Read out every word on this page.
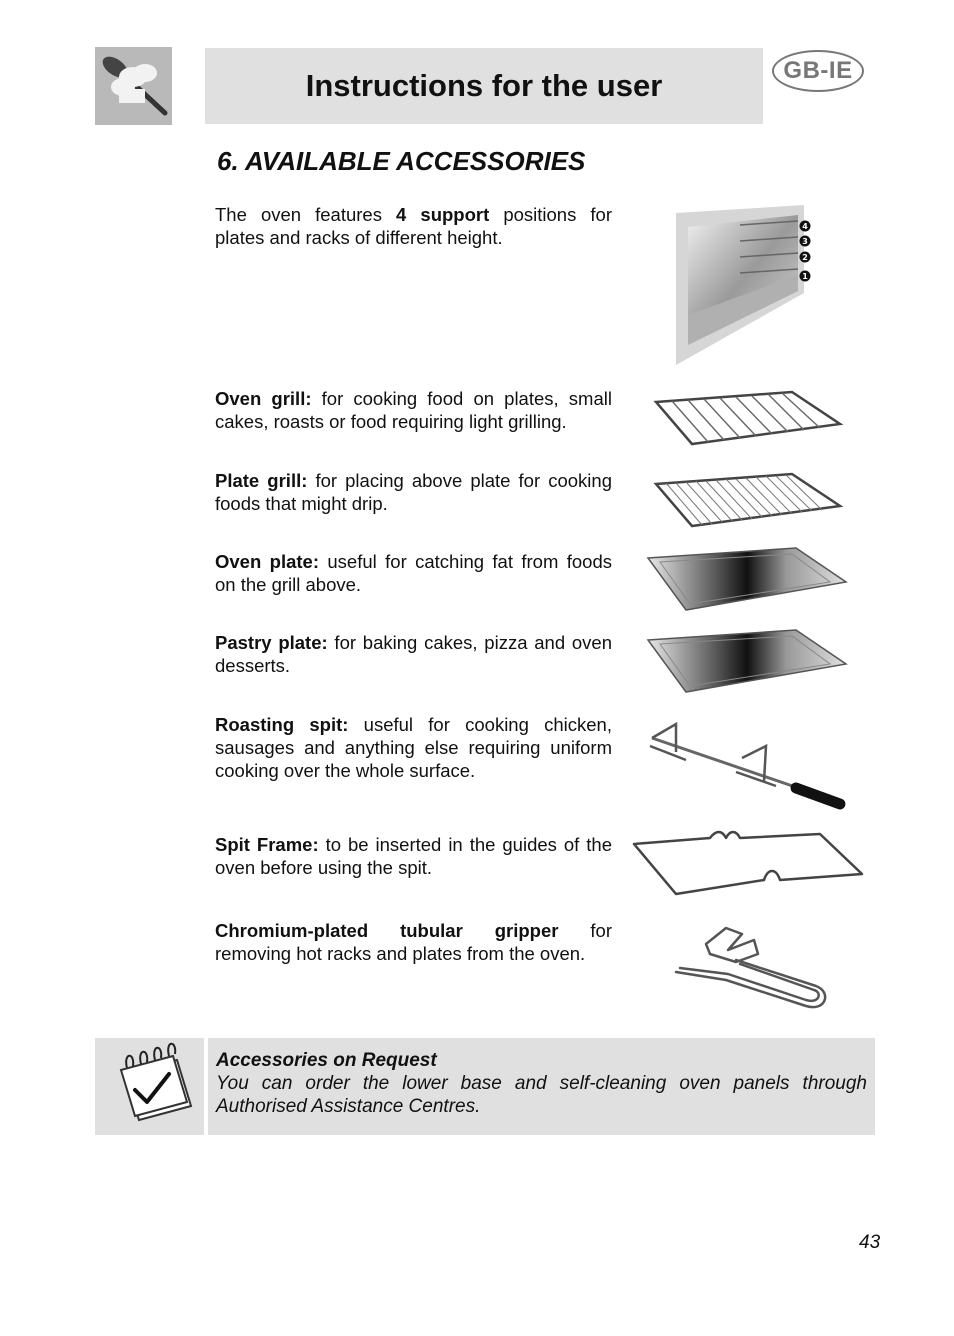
Instructions for the user	GB-IE
6. AVAILABLE ACCESSORIES

The oven features 4 support positions for plates and racks of different height.

4
3
2
1

Oven grill: for cooking food on plates, small cakes, roasts or food requiring light grilling.

Plate grill: for placing above plate for cooking foods that might drip.

Oven plate: useful for catching fat from foods on the grill above.

Pastry plate: for baking cakes, pizza and oven desserts.

Roasting spit: useful for cooking chicken, sausages and anything else requiring uniform cooking over the whole surface.

Spit Frame: to be inserted in the guides of the oven before using the spit.

Chromium-plated tubular gripper for removing hot racks and plates from the oven.

Accessories on Request

You can order the lower base and self-cleaning oven panels through Authorised Assistance Centres.

43
